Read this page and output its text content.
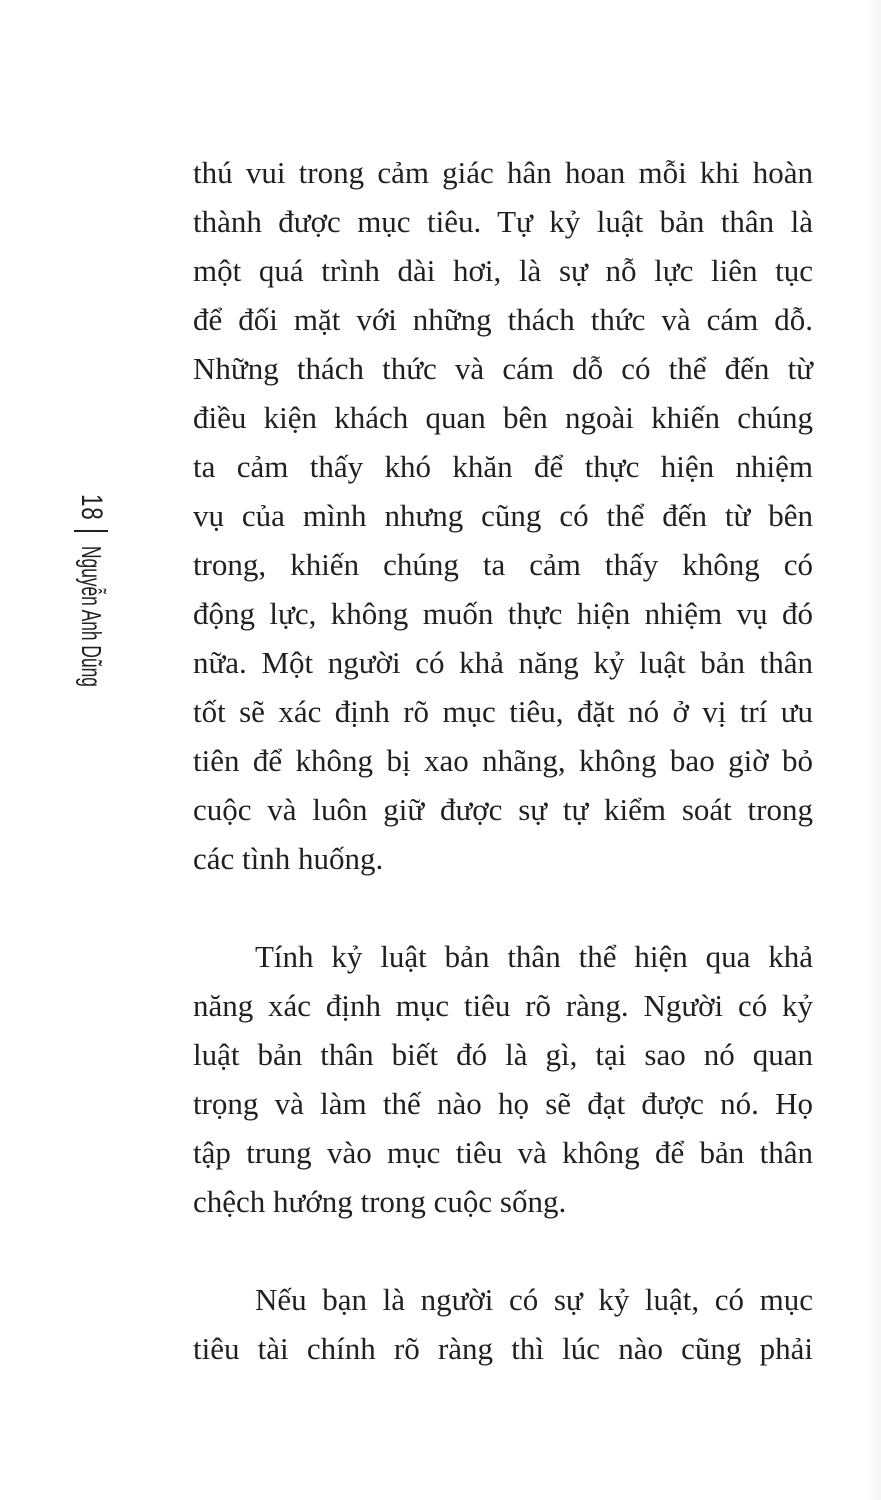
18
Nguyễn Anh Dũng
thú vui trong cảm giác hân hoan mỗi khi hoàn
thành được mục tiêu. Tự kỷ luật bản thân là
một quá trình dài hơi, là sự nỗ lực liên tục
để đối mặt với những thách thức và cám dỗ.
Những thách thức và cám dỗ có thể đến từ
điều kiện khách quan bên ngoài khiến chúng
ta cảm thấy khó khăn để thực hiện nhiệm
vụ của mình nhưng cũng có thể đến từ bên
trong, khiến chúng ta cảm thấy không có
động lực, không muốn thực hiện nhiệm vụ đó
nữa. Một người có khả năng kỷ luật bản thân
tốt sẽ xác định rõ mục tiêu, đặt nó ở vị trí ưu
tiên để không bị xao nhãng, không bao giờ bỏ
cuộc và luôn giữ được sự tự kiểm soát trong
các tình huống.
Tính kỷ luật bản thân thể hiện qua khả
năng xác định mục tiêu rõ ràng. Người có kỷ
luật bản thân biết đó là gì, tại sao nó quan
trọng và làm thế nào họ sẽ đạt được nó. Họ
tập trung vào mục tiêu và không để bản thân
chệch hướng trong cuộc sống.
Nếu bạn là người có sự kỷ luật, có mục
tiêu tài chính rõ ràng thì lúc nào cũng phải
